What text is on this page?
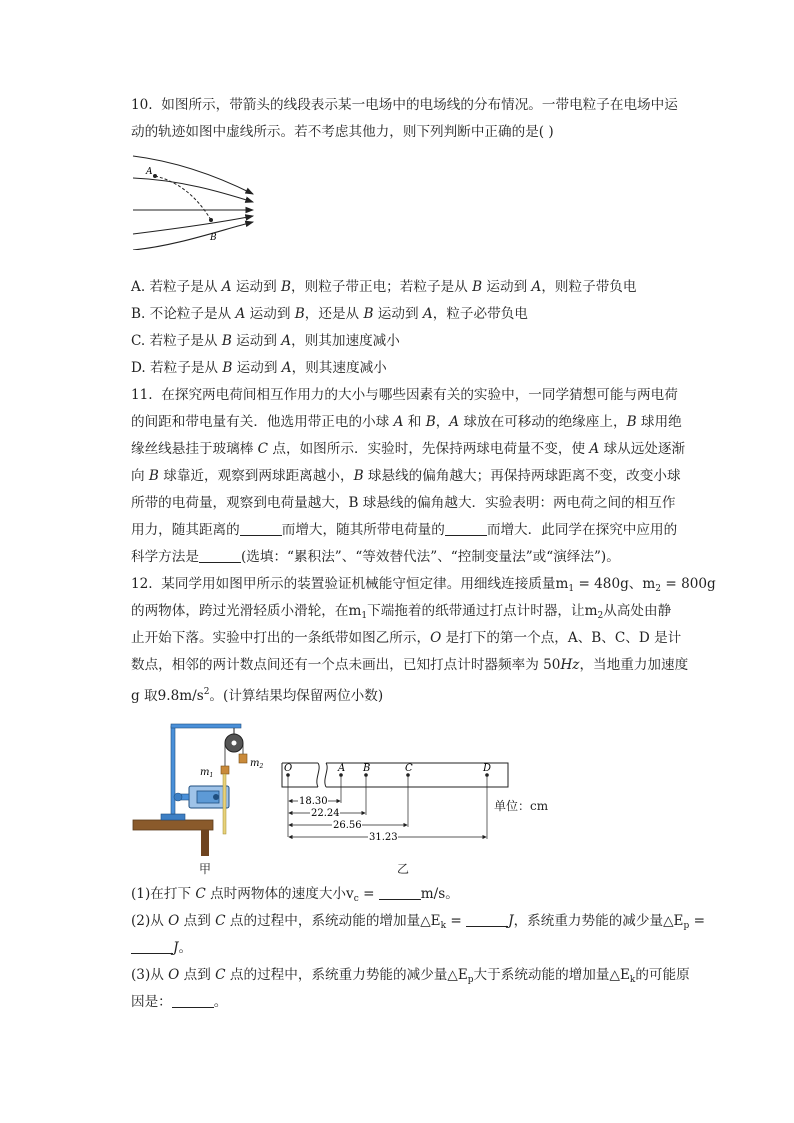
10. 如图所示，带箭头的线段表示某一电场中的电场线的分布情况。一带电粒子在电场中运
动的轨迹如图中虚线所示。若不考虑其他力，则下列判断中正确的是( )
A
B
A. 若粒子是从 A 运动到 B，则粒子带正电；若粒子是从 B 运动到 A，则粒子带负电
B. 不论粒子是从 A 运动到 B，还是从 B 运动到 A，粒子必带负电
C. 若粒子是从 B 运动到 A，则其加速度减小
D. 若粒子是从 B 运动到 A，则其速度减小
11. 在探究两电荷间相互作用力的大小与哪些因素有关的实验中，一同学猜想可能与两电荷
的间距和带电量有关．他选用带正电的小球 A 和 B，A 球放在可移动的绝缘座上，B 球用绝
缘丝线悬挂于玻璃棒 C 点，如图所示．实验时，先保持两球电荷量不变，使 A 球从远处逐渐
向 B 球靠近，观察到两球距离越小，B 球悬线的偏角越大；再保持两球距离不变，改变小球
所带的电荷量，观察到电荷量越大，B 球悬线的偏角越大．实验表明：两电荷之间的相互作
用力，随其距离的	而增大，随其所带电荷量的	而增大．此同学在探究中应用的
科学方法是	(选填：“累积法”、“等效替代法”、“控制变量法”或“演绎法”)。
12. 某同学用如图甲所示的装置验证机械能守恒定律。用细线连接质量$m_1 = 480g$、$m_2 = 800g$
的两物体，跨过光滑轻质小滑轮，在$m_1$下端拖着的纸带通过打点计时器，让$m_2$从高处由静
止开始下落。实验中打出的一条纸带如图乙所示，O 是打下的第一个点，A、B、C、D 是计
数点，相邻的两计数点间还有一个点未画出，已知打点计时器频率为 50Hz，当地重力加速度
g 取$9.8m/s^2$。(计算结果均保留两位小数)
$m_1$
$m_2$
甲
O	A B	C	D
18.30
22.24
26.56
31.23
单位：cm
乙
(1)在打下 C 点时两物体的速度大小$v_c$ =	m/s。
(2)从 O 点到 C 点的过程中，系统动能的增加量$\triangle E_k$ =	J，系统重力势能的减少量$\triangle E_p$ =
J。
(3)从 O 点到 C 点的过程中，系统重力势能的减少量$\triangle E_p$大于系统动能的增加量$\triangle E_k$的可能原
因是：	。
